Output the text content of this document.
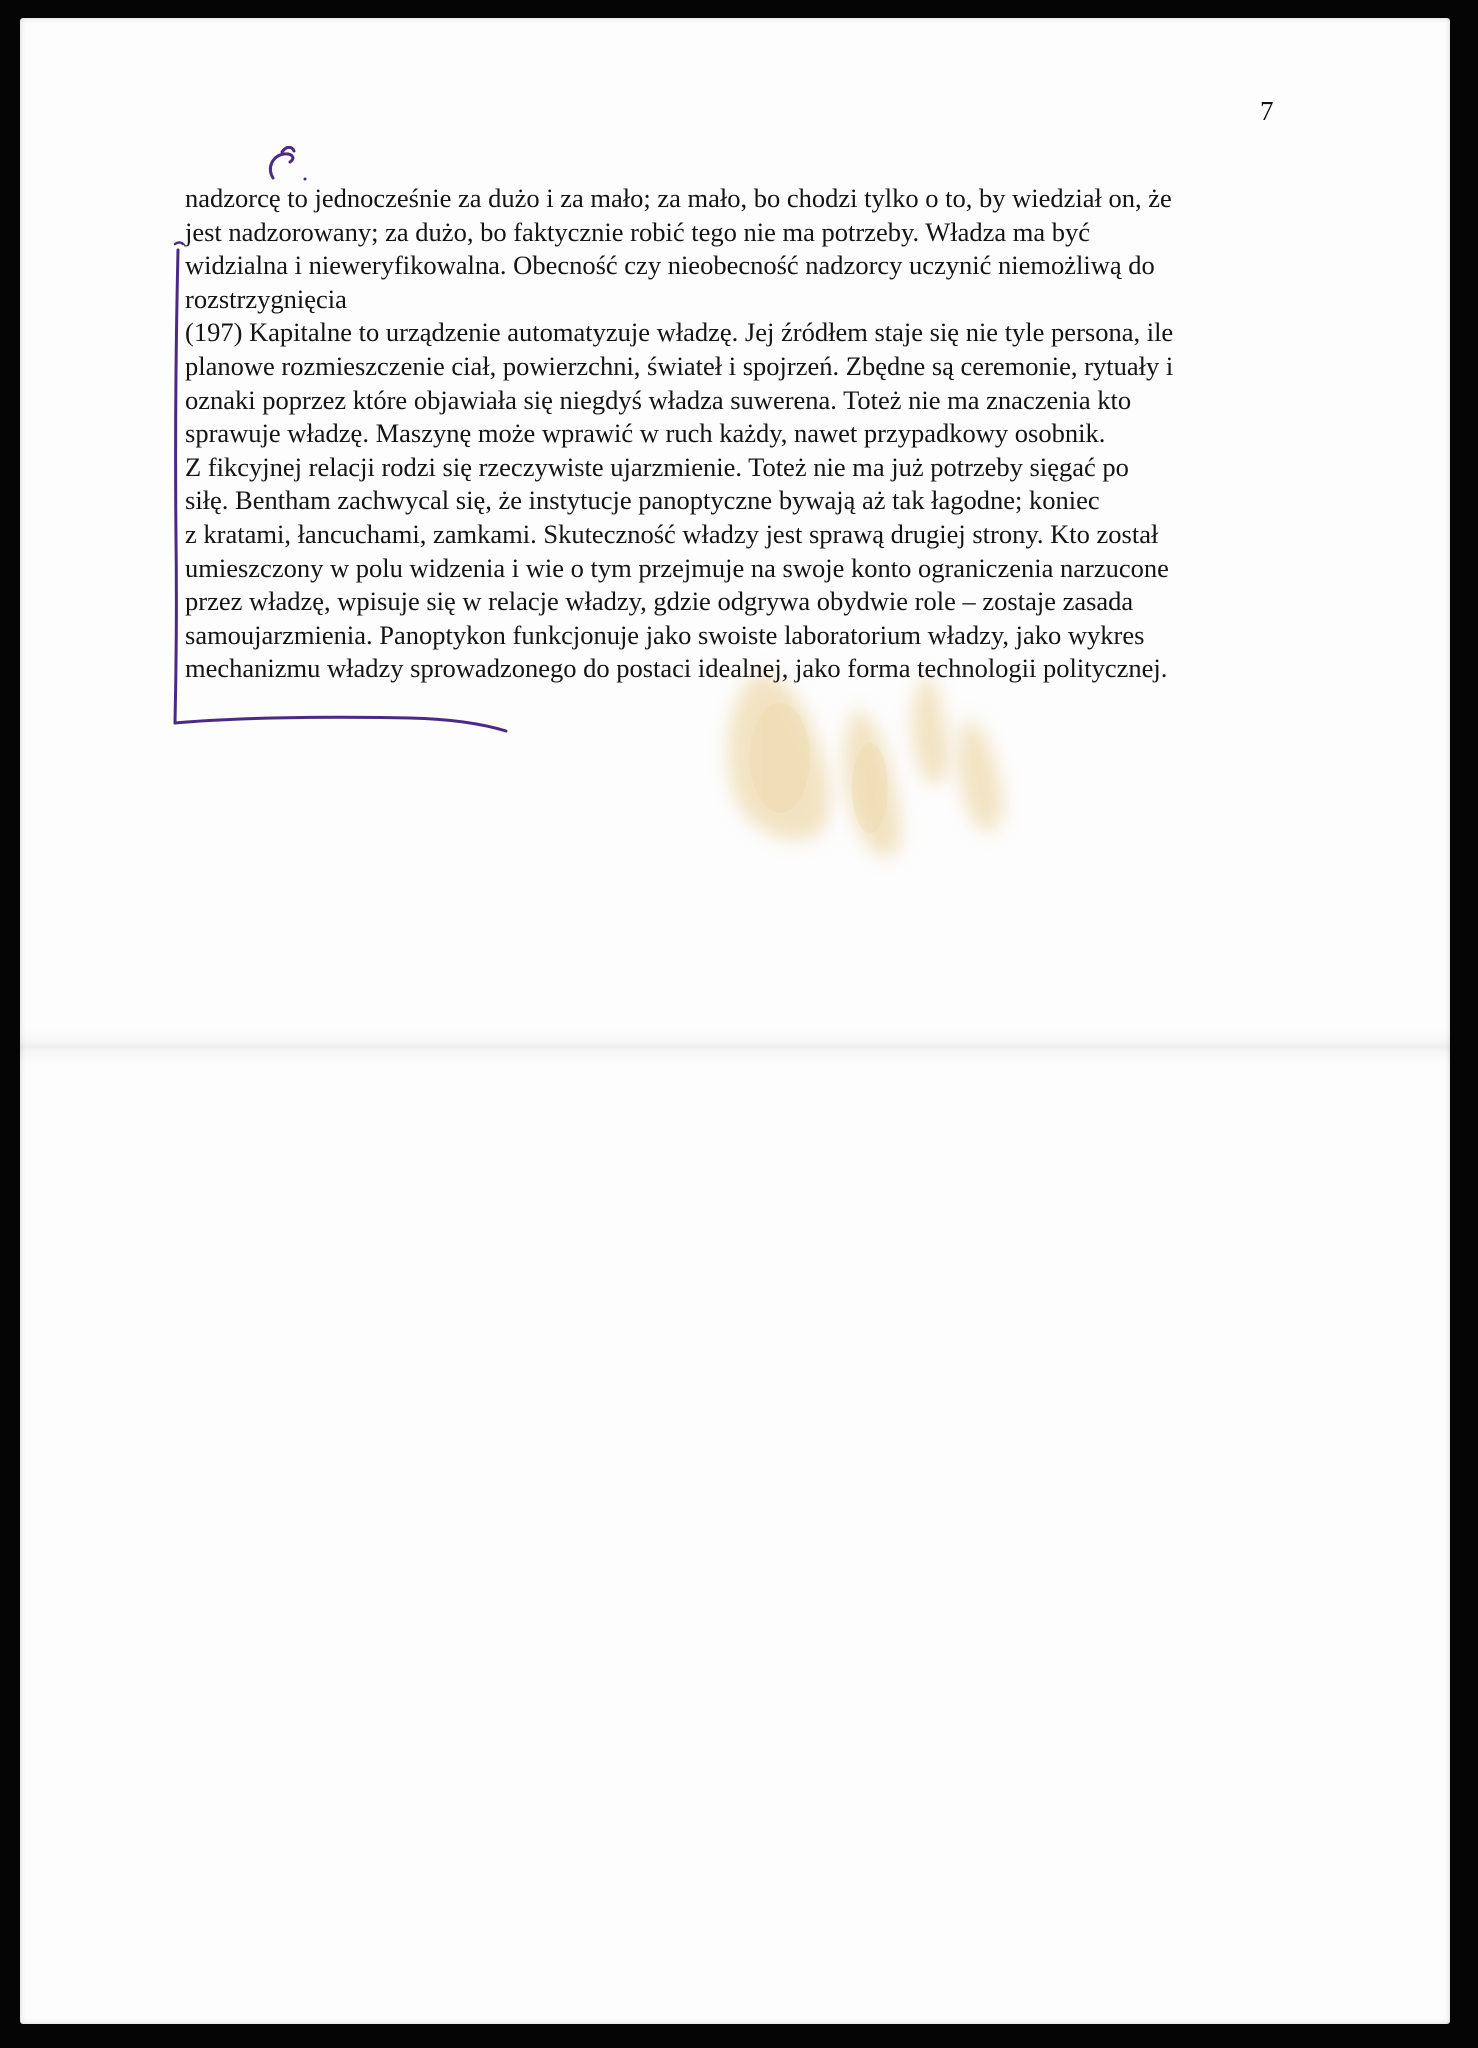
7

nadzorcę to jednocześnie za dużo i za mało; za mało, bo chodzi tylko o to, by wiedział on, że
jest nadzorowany; za dużo, bo faktycznie robić tego nie ma potrzeby. Władza ma być
widzialna i nieweryfikowalna. Obecność czy nieobecność nadzorcy uczynić niemożliwą do
rozstrzygnięcia
(197) Kapitalne to urządzenie automatyzuje władzę. Jej źródłem staje się nie tyle persona, ile
planowe rozmieszczenie ciał, powierzchni, świateł i spojrzeń. Zbędne są ceremonie, rytuały i
oznaki poprzez które objawiała się niegdyś władza suwerena. Toteż nie ma znaczenia kto
sprawuje władzę. Maszynę może wprawić w ruch każdy, nawet przypadkowy osobnik.
Z fikcyjnej relacji rodzi się rzeczywiste ujarzmienie. Toteż nie ma już potrzeby sięgać po
siłę. Bentham zachwycal się, że instytucje panoptyczne bywają aż tak łagodne; koniec
z kratami, łancuchami, zamkami. Skuteczność władzy jest sprawą drugiej strony. Kto został
umieszczony w polu widzenia i wie o tym przejmuje na swoje konto ograniczenia narzucone
przez władzę, wpisuje się w relacje władzy, gdzie odgrywa obydwie role – zostaje zasada
samoujarzmienia. Panoptykon funkcjonuje jako swoiste laboratorium władzy, jako wykres
mechanizmu władzy sprowadzonego do postaci idealnej, jako forma technologii politycznej.
